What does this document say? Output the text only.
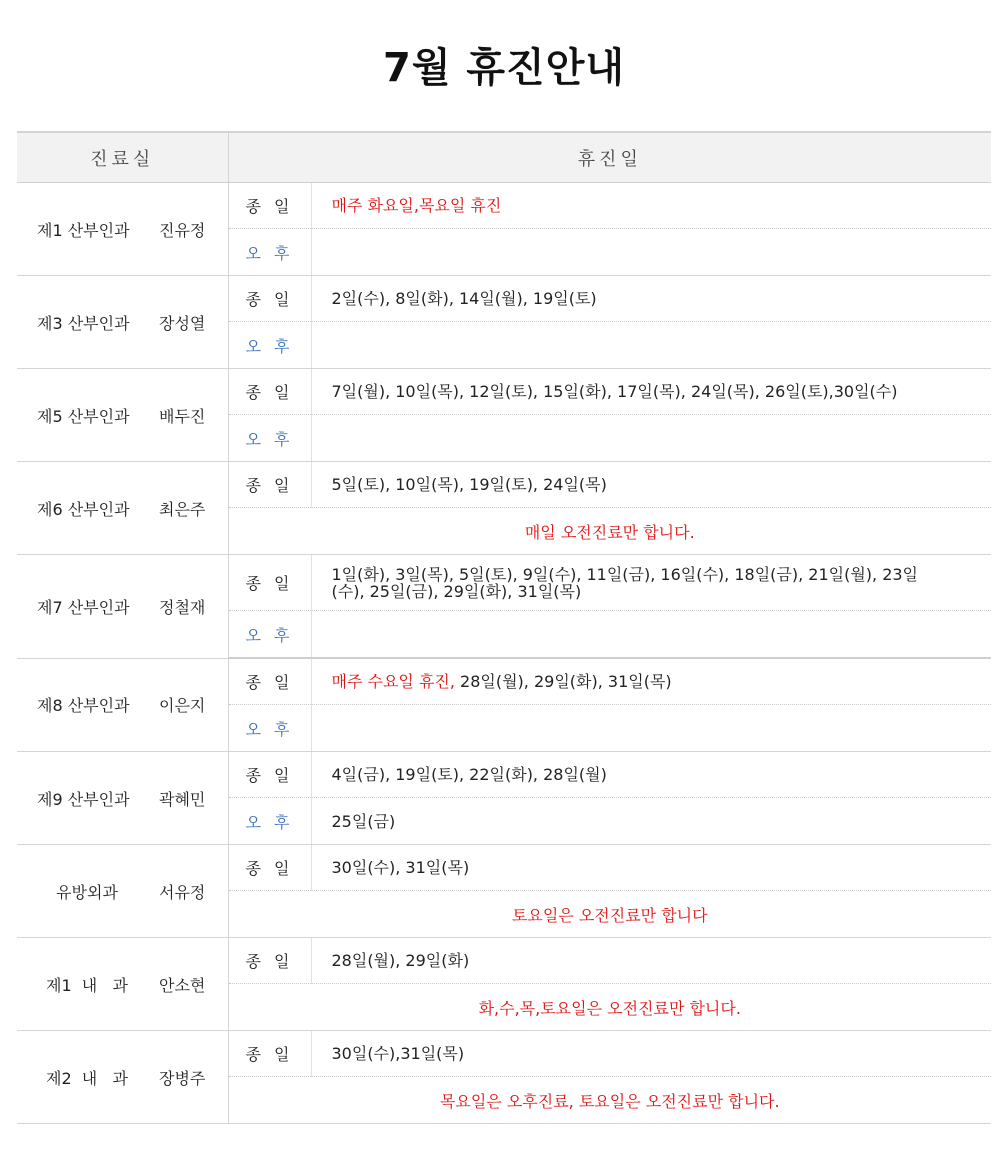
7월 휴진안내
진료실	휴진일	

제1 산부인과 진유정	종 일	매주 화요일,목요일 휴진
	오 후	

제3 산부인과 장성열	종 일	2일(수), 8일(화), 14일(월), 19일(토)
	오 후	

제5 산부인과 배두진	종 일	7일(월), 10일(목), 12일(토), 15일(화), 17일(목), 24일(목), 26일(토),30일(수)
	오 후	

제6 산부인과 최은주	종 일	5일(토), 10일(목), 19일(토), 24일(목)
	매일 오전진료만 합니다.	

제7 산부인과 정철재	종 일	1일(화), 3일(목), 5일(토), 9일(수), 11일(금), 16일(수), 18일(금), 21일(월), 23일(수), 25일(금), 29일(화), 31일(목)
	오 후	

제8 산부인과 이은지	종 일	매주 수요일 휴진, 28일(월), 29일(화), 31일(목)
	오 후	

제9 산부인과 곽혜민	종 일	4일(금), 19일(토), 22일(화), 28일(월)
	오 후	25일(금)

유방외과 서유정	종 일	30일(수), 31일(목)
	토요일은 오전진료만 합니다	

제1  내   과 안소현	종 일	28일(월), 29일(화)
	화,수,목,토요일은 오전진료만 합니다.	

제2  내   과 장병주	종 일	30일(수),31일(목)
	목요일은 오후진료, 토요일은 오전진료만 합니다.	
